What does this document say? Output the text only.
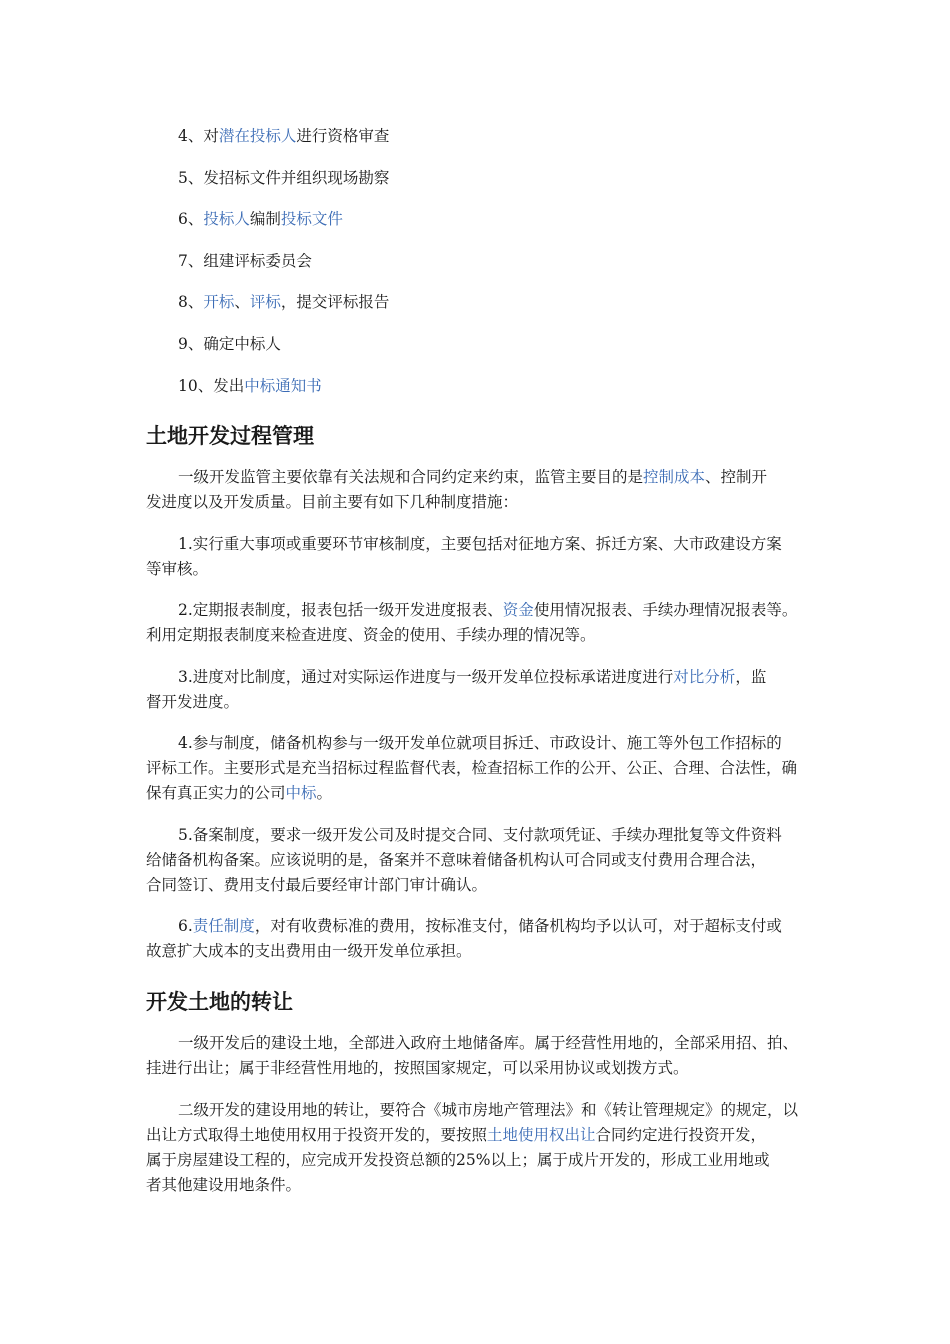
4、对潜在投标人进行资格审查
5、发招标文件并组织现场勘察
6、投标人编制投标文件
7、组建评标委员会
8、开标、评标，提交评标报告
9、确定中标人
10、发出中标通知书
土地开发过程管理
一级开发监管主要依靠有关法规和合同约定来约束，监管主要目的是控制成本、控制开
发进度以及开发质量。目前主要有如下几种制度措施：
1.实行重大事项或重要环节审核制度，主要包括对征地方案、拆迁方案、大市政建设方案
等审核。
2.定期报表制度，报表包括一级开发进度报表、资金使用情况报表、手续办理情况报表等。
利用定期报表制度来检查进度、资金的使用、手续办理的情况等。
3.进度对比制度，通过对实际运作进度与一级开发单位投标承诺进度进行对比分析，监
督开发进度。
4.参与制度，储备机构参与一级开发单位就项目拆迁、市政设计、施工等外包工作招标的
评标工作。主要形式是充当招标过程监督代表，检查招标工作的公开、公正、合理、合法性，确
保有真正实力的公司中标。
5.备案制度，要求一级开发公司及时提交合同、支付款项凭证、手续办理批复等文件资料
给储备机构备案。应该说明的是，备案并不意味着储备机构认可合同或支付费用合理合法，
合同签订、费用支付最后要经审计部门审计确认。
6.责任制度，对有收费标准的费用，按标准支付，储备机构均予以认可，对于超标支付或
故意扩大成本的支出费用由一级开发单位承担。
开发土地的转让
一级开发后的建设土地，全部进入政府土地储备库。属于经营性用地的，全部采用招、拍、
挂进行出让；属于非经营性用地的，按照国家规定，可以采用协议或划拨方式。
二级开发的建设用地的转让，要符合《城市房地产管理法》和《转让管理规定》的规定，以
出让方式取得土地使用权用于投资开发的，要按照土地使用权出让合同约定进行投资开发，
属于房屋建设工程的，应完成开发投资总额的25%以上；属于成片开发的，形成工业用地或
者其他建设用地条件。
